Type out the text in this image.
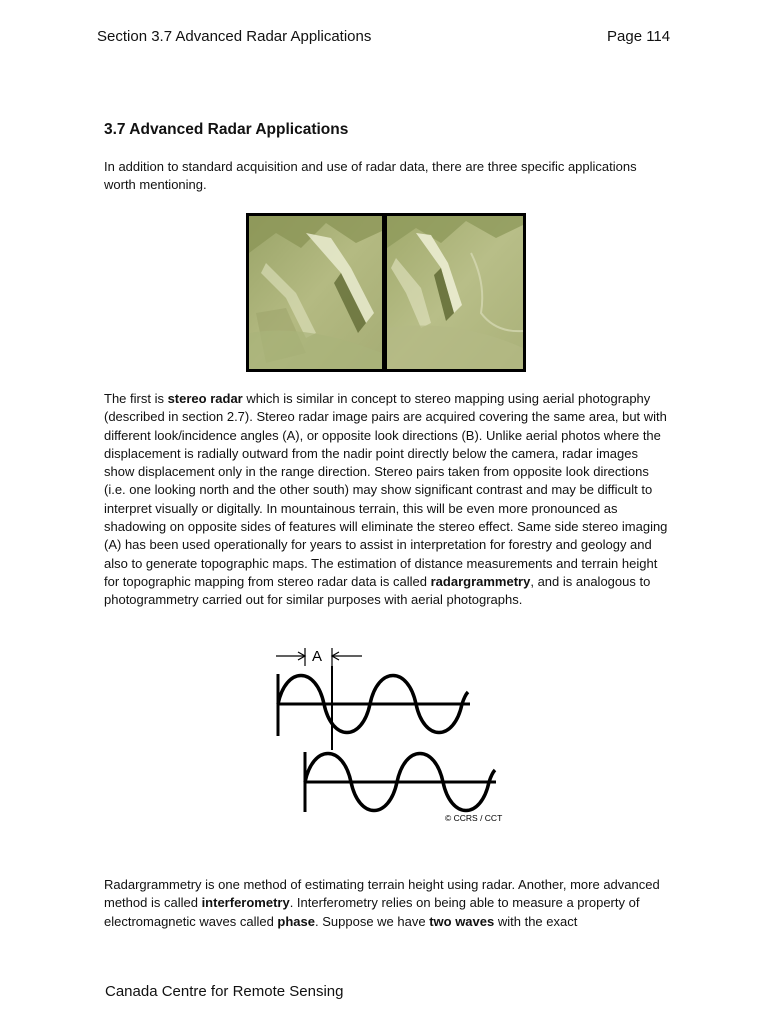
Section 3.7 Advanced Radar Applications	Page 114
3.7 Advanced Radar Applications

In addition to standard acquisition and use of radar data, there are three specific applications worth mentioning.

The first is stereo radar which is similar in concept to stereo mapping using aerial photography (described in section 2.7). Stereo radar image pairs are acquired covering the same area, but with different look/incidence angles (A), or opposite look directions (B). Unlike aerial photos where the displacement is radially outward from the nadir point directly below the camera, radar images show displacement only in the range direction. Stereo pairs taken from opposite look directions (i.e. one looking north and the other south) may show significant contrast and may be difficult to interpret visually or digitally. In mountainous terrain, this will be even more pronounced as shadowing on opposite sides of features will eliminate the stereo effect. Same side stereo imaging (A) has been used operationally for years to assist in interpretation for forestry and geology and also to generate topographic maps. The estimation of distance measurements and terrain height for topographic mapping from stereo radar data is called radargrammetry, and is analogous to photogrammetry carried out for similar purposes with aerial photographs.

A
© CCRS / CCT

Radargrammetry is one method of estimating terrain height using radar. Another, more advanced method is called interferometry. Interferometry relies on being able to measure a property of electromagnetic waves called phase. Suppose we have two waves with the exact

Canada Centre for Remote Sensing
